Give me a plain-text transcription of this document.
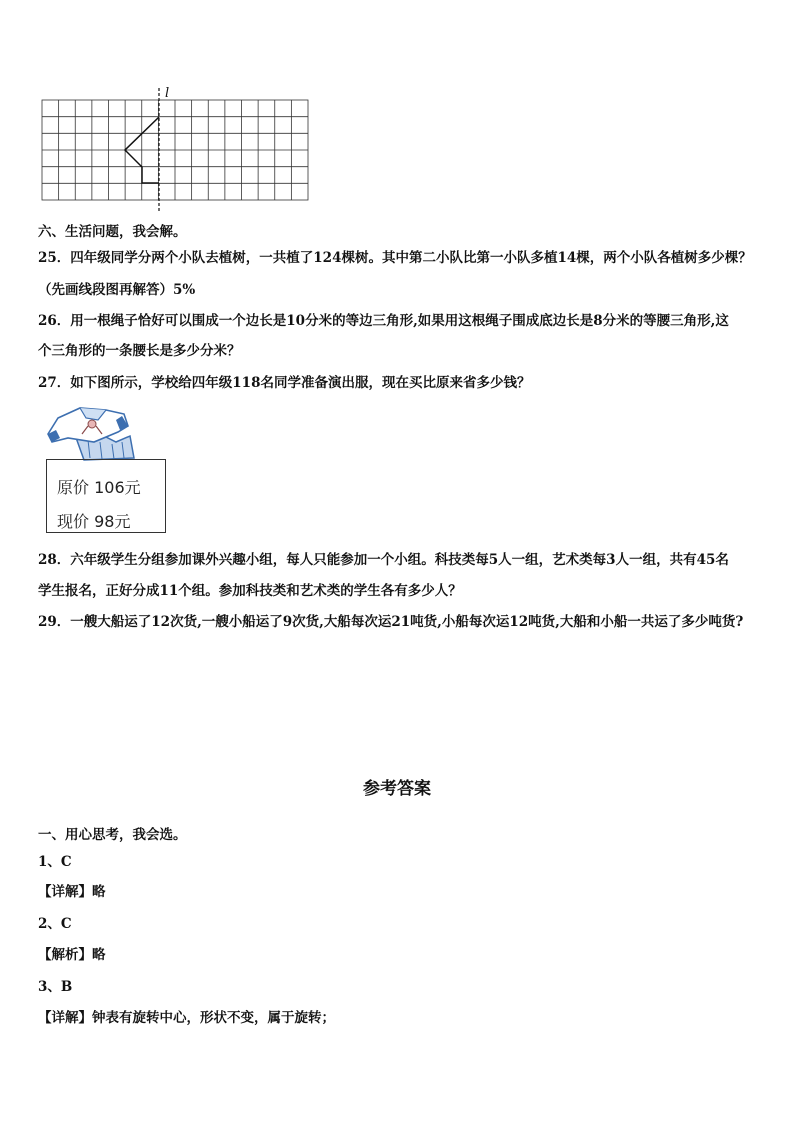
l
六、生活问题，我会解。
25．四年级同学分两个小队去植树，一共植了124棵树。其中第二小队比第一小队多植14棵，两个小队各植树多少棵？
（先画线段图再解答）5%
26．用一根绳子恰好可以围成一个边长是10分米的等边三角形,如果用这根绳子围成底边长是8分米的等腰三角形,这
个三角形的一条腰长是多少分米？
27．如下图所示，学校给四年级118名同学准备演出服，现在买比原来省多少钱？
原价 106元
现价 98元
28．六年级学生分组参加课外兴趣小组，每人只能参加一个小组。科技类每5人一组，艺术类每3人一组，共有45名
学生报名，正好分成11个组。参加科技类和艺术类的学生各有多少人？
29．一艘大船运了12次货,一艘小船运了9次货,大船每次运21吨货,小船每次运12吨货,大船和小船一共运了多少吨货?
参考答案
一、用心思考，我会选。
1、C
【详解】略
2、C
【解析】略
3、B
【详解】钟表有旋转中心，形状不变，属于旋转；
